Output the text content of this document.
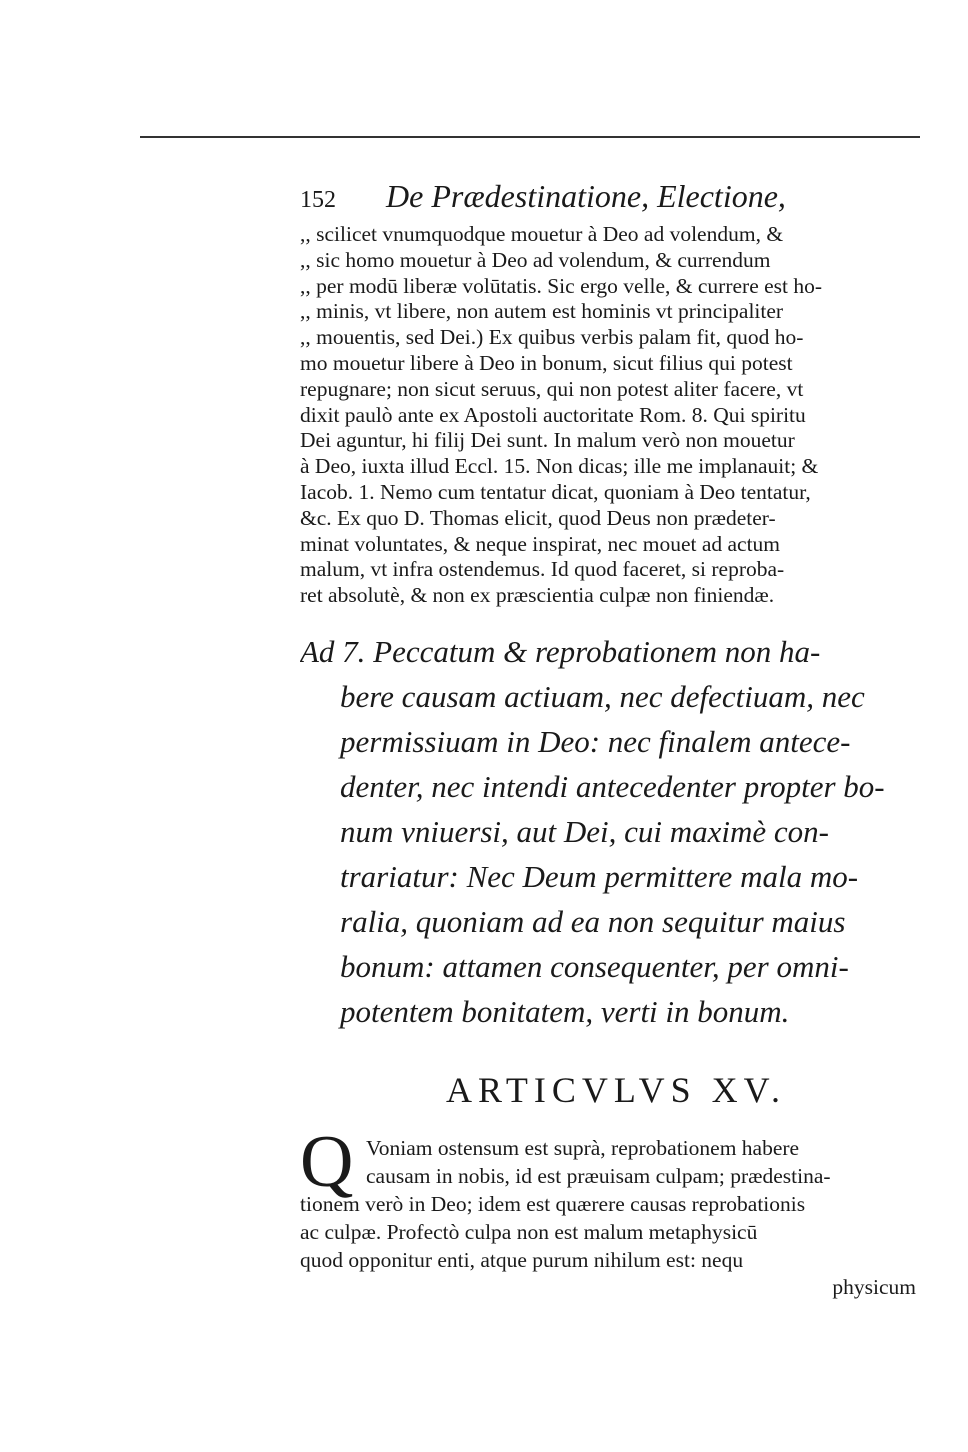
152 De Prædestinatione, Electione,

,, scilicet vnumquodque mouetur à Deo ad volendum, &
,, sic homo mouetur à Deo ad volendum, & currendum
,, per modū liberæ volūtatis. Sic ergo velle, & currere est ho-
,, minis, vt libere, non autem est hominis vt principaliter
,, mouentis, sed Dei.) Ex quibus verbis palam fit, quod ho-
mo mouetur libere à Deo in bonum, sicut filius qui potest
repugnare; non sicut seruus, qui non potest aliter facere, vt
dixit paulò ante ex Apostoli auctoritate Rom. 8. Qui spiritu
Dei aguntur, hi filij Dei sunt. In malum verò non mouetur
à Deo, iuxta illud Eccl. 15. Non dicas; ille me implanauit; &
Iacob. 1. Nemo cum tentatur dicat, quoniam à Deo tentatur,
&c. Ex quo D. Thomas elicit, quod Deus non prædeter-
minat voluntates, & neque inspirat, nec mouet ad actum
malum, vt infra ostendemus. Id quod faceret, si reproba-
ret absolutè, & non ex præscientia culpæ non finiendæ.

Ad 7. Peccatum & reprobationem non ha-
bere causam actiuam, nec defectiuam, nec
permissiuam in Deo: nec finalem antece-
denter, nec intendi antecedenter propter bo-
num vniuersi, aut Dei, cui maximè con-
trariatur: Nec Deum permittere mala mo-
ralia, quoniam ad ea non sequitur maius
bonum: attamen consequenter, per omni-
potentem bonitatem, verti in bonum.
ARTICVLVS XV.
Q Voniam ostensum est suprà, reprobationem habere
causam in nobis, id est præuisam culpam; prædestina-
tionem verò in Deo; idem est quærere causas reprobationis
ac culpæ. Profectò culpa non est malum metaphysicū
quod opponitur enti, atque purum nihilum est: nequ
physicum
